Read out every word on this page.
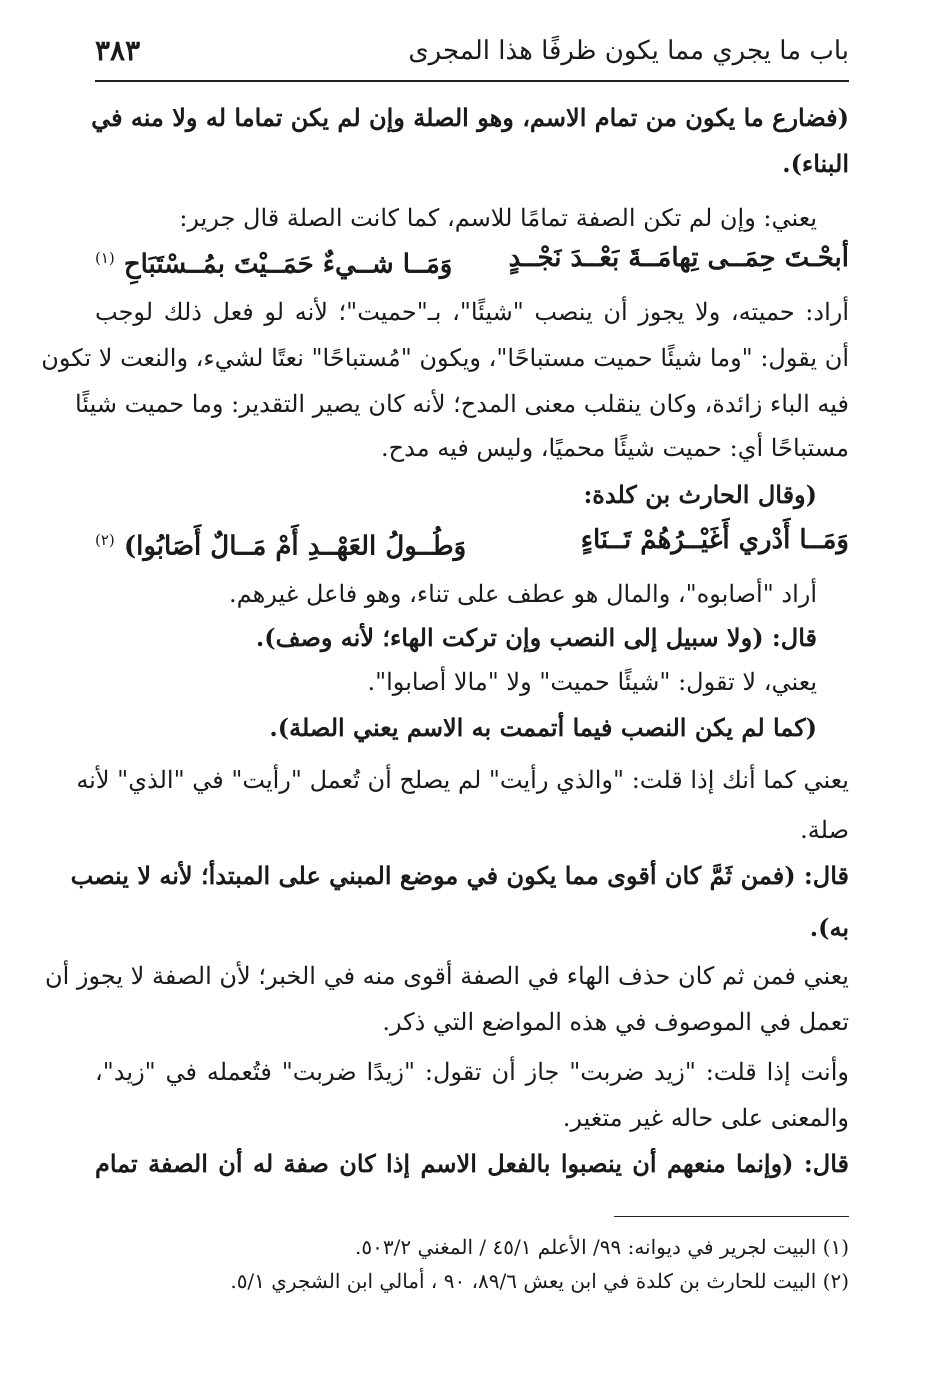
باب ما يجري مما يكون ظرفًا هذا المجرى
٣٨٣
(فضارع ما يكون من تمام الاسم، وهو الصلة وإن لم يكن تماما له ولا منه في
البناء).
يعني: وإن لم تكن الصفة تمامًا للاسم، كما كانت الصلة قال جرير:
أبحْـتَ حِمَــى تِهامَــةَ بَعْــدَ نَجْــدٍ
وَمَــا شــيءٌ حَمَــيْتَ بمُــسْتَبَاحِ $^{(١)}$
أراد: حميته، ولا يجوز أن ينصب "شيئًا"، بـ"حميت"؛ لأنه لو فعل ذلك لوجب
أن يقول: "وما شيئًا حميت مستباحًا"، ويكون "مُستباحًا" نعتًا لشيء، والنعت لا تكون
فيه الباء زائدة، وكان ينقلب معنى المدح؛ لأنه كان يصير التقدير: وما حميت شيئًا
مستباحًا أي: حميت شيئًا محميًا، وليس فيه مدح.
(وقال الحارث بن كلدة:
وَمَــا أَدْري أَغَيْــرُهُمْ تَــنَاءٍ
وَطُــولُ العَهْــدِ أَمْ مَــالٌ أَصَابُوا) $^{(٢)}$
أراد "أصابوه"، والمال هو عطف على تناء، وهو فاعل غيرهم.
قال: (ولا سبيل إلى النصب وإن تركت الهاء؛ لأنه وصف).
يعني، لا تقول: "شيئًا حميت" ولا "مالا أصابوا".
(كما لم يكن النصب فيما أتممت به الاسم يعني الصلة).
يعني كما أنك إذا قلت: "والذي رأيت" لم يصلح أن تُعمل "رأيت" في "الذي" لأنه
صلة.
قال: (فمن ثَمَّ كان أقوى مما يكون في موضع المبني على المبتدأ؛ لأنه لا ينصب
به).
يعني فمن ثم كان حذف الهاء في الصفة أقوى منه في الخبر؛ لأن الصفة لا يجوز أن
تعمل في الموصوف في هذه المواضع التي ذكر.
وأنت إذا قلت: "زيد ضربت" جاز أن تقول: "زيدًا ضربت" فتُعمله في "زيد"،
والمعنى على حاله غير متغير.
قال: (وإنما منعهم أن ينصبوا بالفعل الاسم إذا كان صفة له أن الصفة تمام
(١) البيت لجرير في ديوانه: ٩٩/ الأعلم ٤٥/١ / المغني ٥٠٣/٢.
(٢) البيت للحارث بن كلدة في ابن يعش ٨٩/٦، ٩٠ ، أمالي ابن الشجري ٥/١.
